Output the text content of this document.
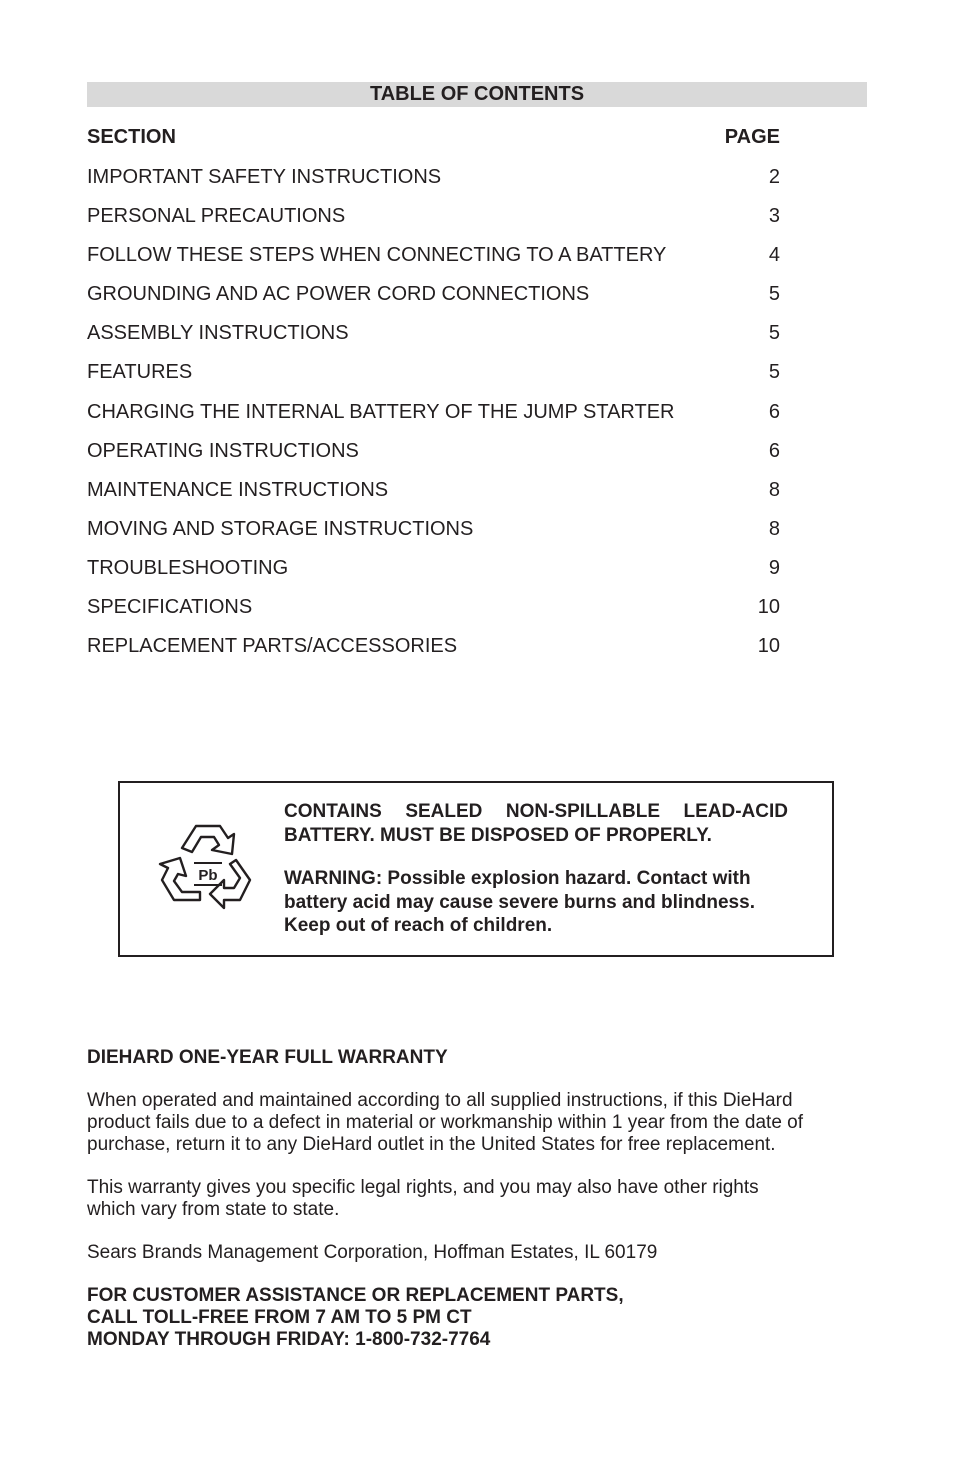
TABLE OF CONTENTS
SECTION	PAGE
IMPORTANT SAFETY INSTRUCTIONS	2
PERSONAL PRECAUTIONS	3
FOLLOW THESE STEPS WHEN CONNECTING TO A BATTERY	4
GROUNDING AND AC POWER CORD CONNECTIONS	5
ASSEMBLY INSTRUCTIONS	5
FEATURES	5
CHARGING THE INTERNAL BATTERY OF THE JUMP STARTER	6
OPERATING INSTRUCTIONS	6
MAINTENANCE INSTRUCTIONS	8
MOVING AND STORAGE INSTRUCTIONS	8
TROUBLESHOOTING	9
SPECIFICATIONS	10
REPLACEMENT PARTS/ACCESSORIES	10
Pb

CONTAINS SEALED NON-SPILLABLE LEAD-ACID
BATTERY. MUST BE DISPOSED OF PROPERLY.

WARNING: Possible explosion hazard. Contact with
battery acid may cause severe burns and blindness.
Keep out of reach of children.

DIEHARD ONE-YEAR FULL WARRANTY

When operated and maintained according to all supplied instructions, if this DieHard
product fails due to a defect in material or workmanship within 1 year from the date of
purchase, return it to any DieHard outlet in the United States for free replacement.

This warranty gives you specific legal rights, and you may also have other rights
which vary from state to state.

Sears Brands Management Corporation, Hoffman Estates, IL 60179

FOR CUSTOMER ASSISTANCE OR REPLACEMENT PARTS,
CALL TOLL-FREE FROM 7 AM TO 5 PM CT
MONDAY THROUGH FRIDAY: 1-800-732-7764
